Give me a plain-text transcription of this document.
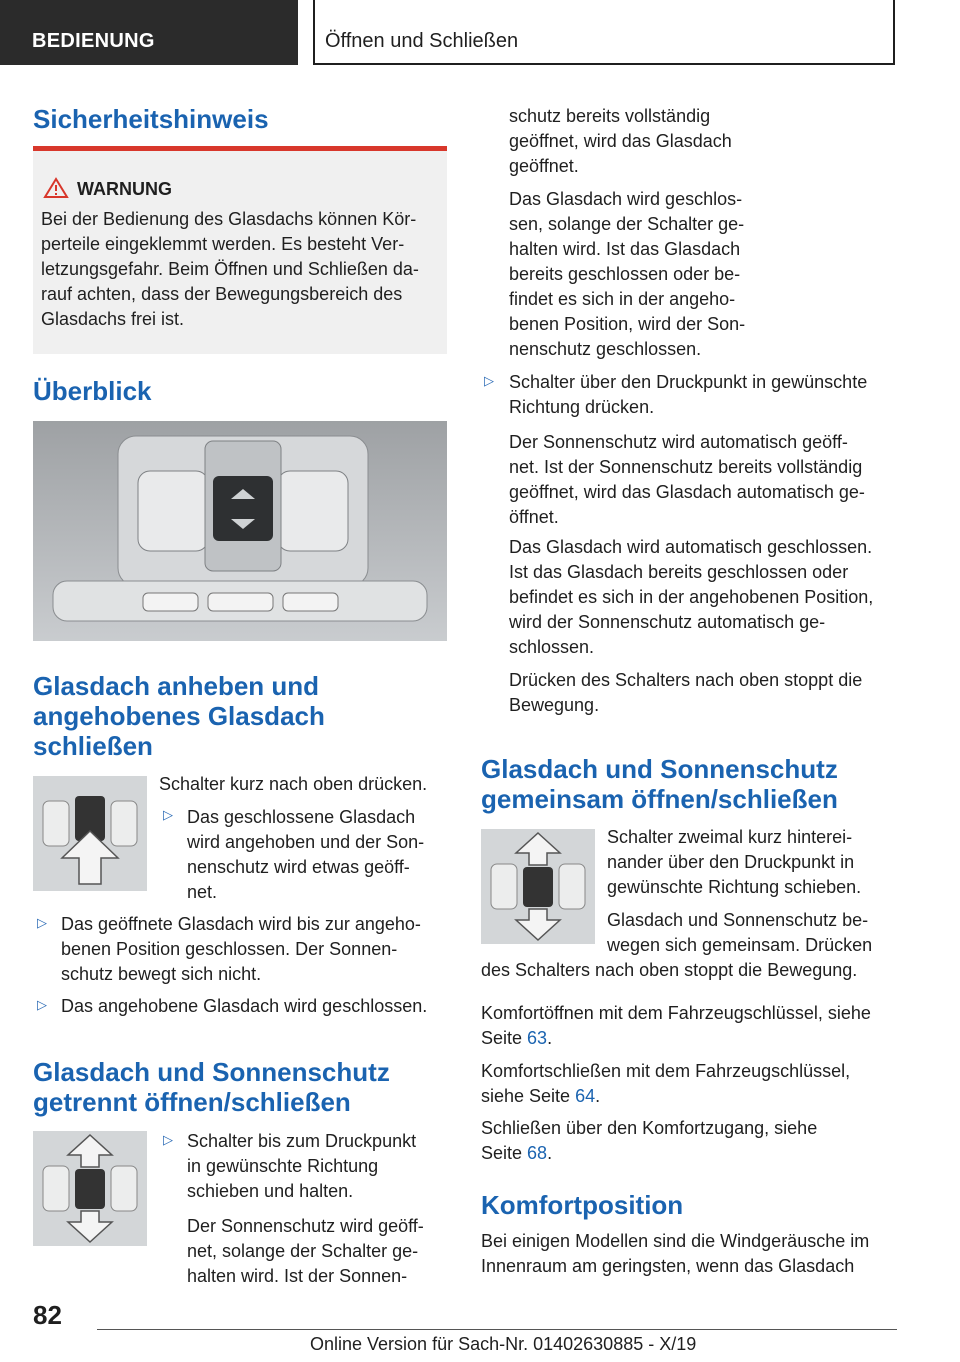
BEDIENUNG	Öffnen und Schließen
Sicherheitshinweis
WARNUNG
Bei der Bedienung des Glasdachs können Kör-
perteile eingeklemmt werden. Es besteht Ver-
letzungsgefahr. Beim Öffnen und Schließen da-
rauf achten, dass der Bewegungsbereich des
Glasdachs frei ist.
Überblick
Glasdach anheben und
angehobenes Glasdach
schließen
Schalter kurz nach oben drücken.
▷ Das geschlossene Glasdach
wird angehoben und der Son-
nenschutz wird etwas geöff-
net.
▷ Das geöffnete Glasdach wird bis zur angeho-
benen Position geschlossen. Der Sonnen-
schutz bewegt sich nicht.
▷ Das angehobene Glasdach wird geschlossen.
Glasdach und Sonnenschutz
getrennt öffnen/schließen
▷ Schalter bis zum Druckpunkt
in gewünschte Richtung
schieben und halten.
Der Sonnenschutz wird geöff-
net, solange der Schalter ge-
halten wird. Ist der Sonnen-
schutz bereits vollständig
geöffnet, wird das Glasdach
geöffnet.
Das Glasdach wird geschlos-
sen, solange der Schalter ge-
halten wird. Ist das Glasdach
bereits geschlossen oder be-
findet es sich in der angeho-
benen Position, wird der Son-
nenschutz geschlossen.
▷ Schalter über den Druckpunkt in gewünschte
Richtung drücken.
Der Sonnenschutz wird automatisch geöff-
net. Ist der Sonnenschutz bereits vollständig
geöffnet, wird das Glasdach automatisch ge-
öffnet.
Das Glasdach wird automatisch geschlossen.
Ist das Glasdach bereits geschlossen oder
befindet es sich in der angehobenen Position,
wird der Sonnenschutz automatisch ge-
schlossen.
Drücken des Schalters nach oben stoppt die
Bewegung.
Glasdach und Sonnenschutz
gemeinsam öffnen/schließen
Schalter zweimal kurz hinterei-
nander über den Druckpunkt in
gewünschte Richtung schieben.
Glasdach und Sonnenschutz be-
wegen sich gemeinsam. Drücken
des Schalters nach oben stoppt die Bewegung.
Komfortöffnen mit dem Fahrzeugschlüssel, siehe
Seite 63.
Komfortschließen mit dem Fahrzeugschlüssel,
siehe Seite 64.
Schließen über den Komfortzugang, siehe
Seite 68.
Komfortposition
Bei einigen Modellen sind die Windgeräusche im
Innenraum am geringsten, wenn das Glasdach
82
Online Version für Sach-Nr. 01402630885 - X/19
